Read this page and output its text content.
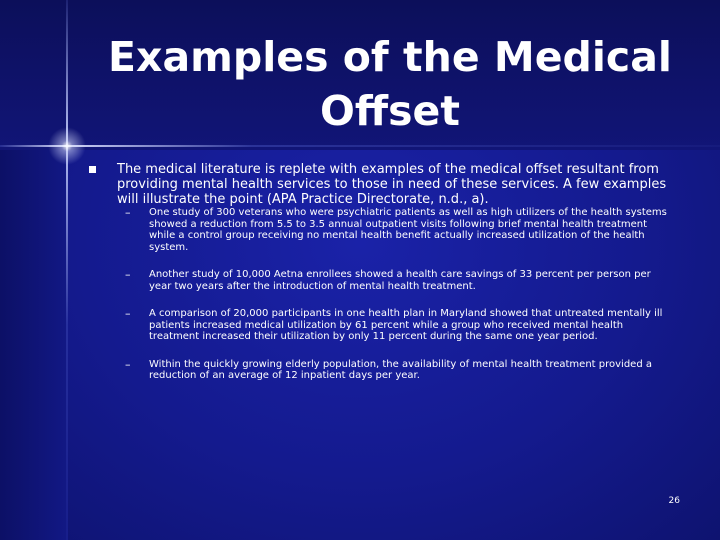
Examples of the Medical Offset
The medical literature is replete with examples of the medical offset resultant from providing mental health services to those in need of these services. A few examples will illustrate the point (APA Practice Directorate, n.d., a).
– One study of 300 veterans who were psychiatric patients as well as high utilizers of the health systems showed a reduction from 5.5 to 3.5 annual outpatient visits following brief mental health treatment while a control group receiving no mental health benefit actually increased utilization of the health system.
– Another study of 10,000 Aetna enrollees showed a health care savings of 33 percent per person per year two years after the introduction of mental health treatment.
– A comparison of 20,000 participants in one health plan in Maryland showed that untreated mentally ill patients increased medical utilization by 61 percent while a group who received mental health treatment increased their utilization by only 11 percent during the same one year period.
– Within the quickly growing elderly population, the availability of mental health treatment provided a reduction of an average of 12 inpatient days per year.
26
